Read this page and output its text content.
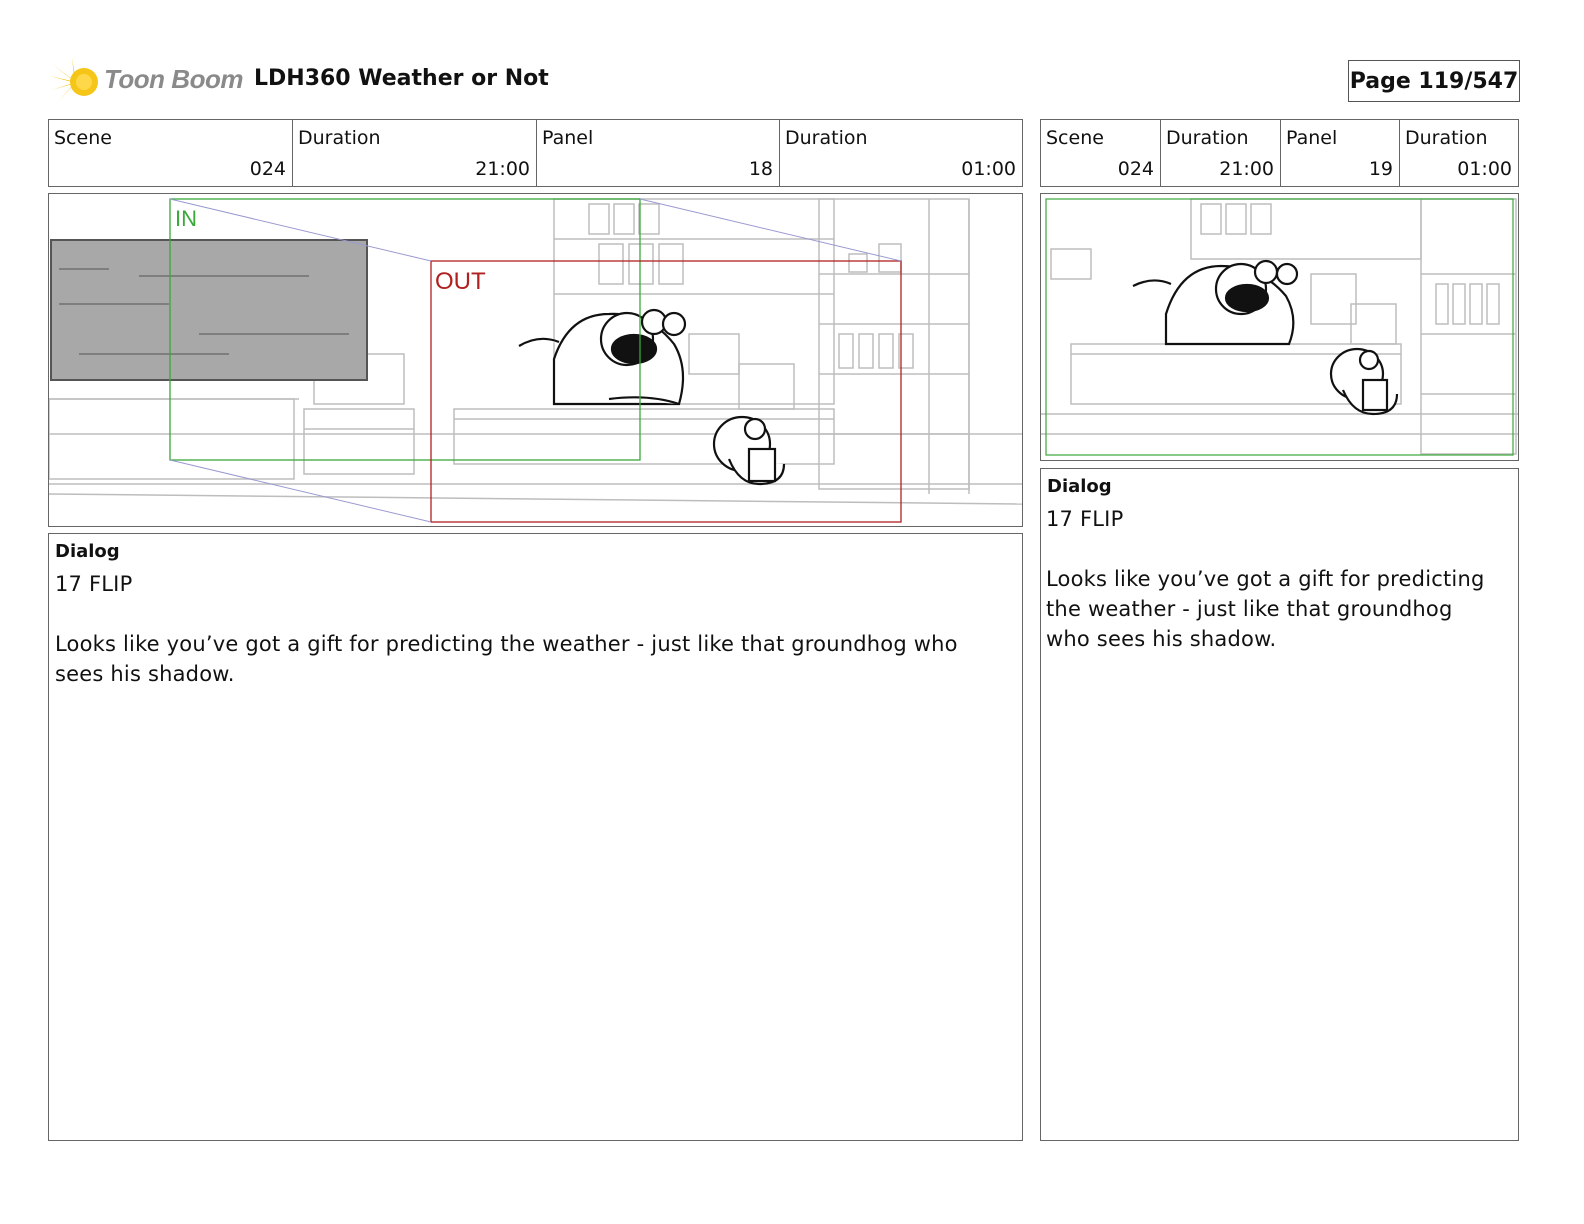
Toon Boom LDH360 Weather or Not	Page 119/547
Scene
024
Duration
21:00
Panel
18
Duration
01:00
Scene
024
Duration
21:00
Panel
19
Duration
01:00
IN
OUT
Dialog
17 FLIP
Looks like you’ve got a gift for predicting the weather - just like that groundhog who
sees his shadow.
Dialog
17 FLIP
Looks like you’ve got a gift for predicting
the weather - just like that groundhog
who sees his shadow.
